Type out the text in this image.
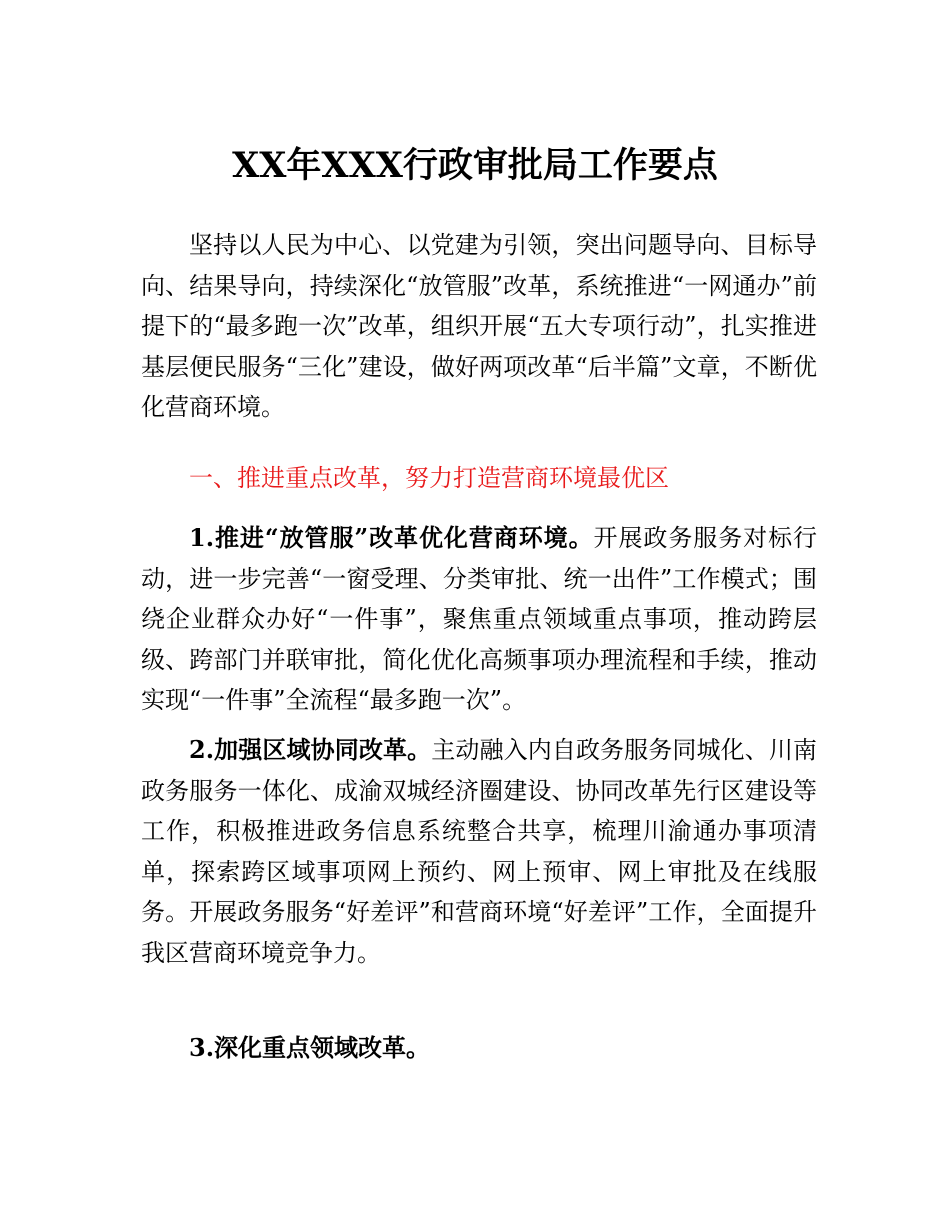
XX年XXX行政审批局工作要点
坚持以人民为中心、以党建为引领，突出问题导向、目标导向、结果导向，持续深化“放管服”改革，系统推进“一网通办”前提下的“最多跑一次”改革，组织开展“五大专项行动”，扎实推进基层便民服务“三化”建设，做好两项改革“后半篇”文章，不断优化营商环境。
一、推进重点改革，努力打造营商环境最优区
1.推进“放管服”改革优化营商环境。开展政务服务对标行动，进一步完善“一窗受理、分类审批、统一出件”工作模式；围绕企业群众办好“一件事”，聚焦重点领域重点事项，推动跨层级、跨部门并联审批，简化优化高频事项办理流程和手续，推动实现“一件事”全流程“最多跑一次”。
2.加强区域协同改革。主动融入内自政务服务同城化、川南政务服务一体化、成渝双城经济圈建设、协同改革先行区建设等工作，积极推进政务信息系统整合共享，梳理川渝通办事项清单，探索跨区域事项网上预约、网上预审、网上审批及在线服务。开展政务服务“好差评”和营商环境“好差评”工作，全面提升我区营商环境竞争力。
3.深化重点领域改革。
